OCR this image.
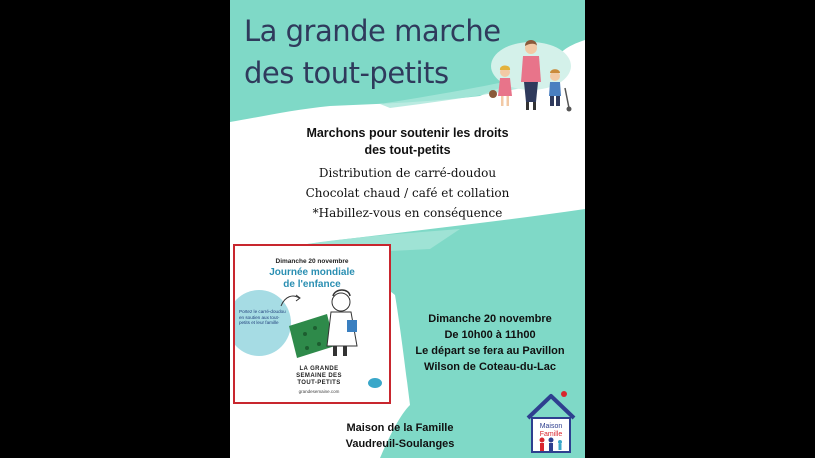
La grande marche
des tout-petits
Marchons pour soutenir les droits
des tout-petits
Distribution de carré-doudou
Chocolat chaud / café et collation
*Habillez-vous en conséquence
Dimanche 20 novembre
Journée mondiale
de l'enfance
Portez le carré-doudou en soutien aux tout-petits et leur famille
LA GRANDE
SEMAINE DES
TOUT-PETITS
grandesemaine.com
Dimanche 20 novembre
De 10h00 à 11h00
Le départ se fera au Pavillon
Wilson de Coteau-du-Lac
Maison de la Famille
Vaudreuil-Soulanges
Maison
Famille
